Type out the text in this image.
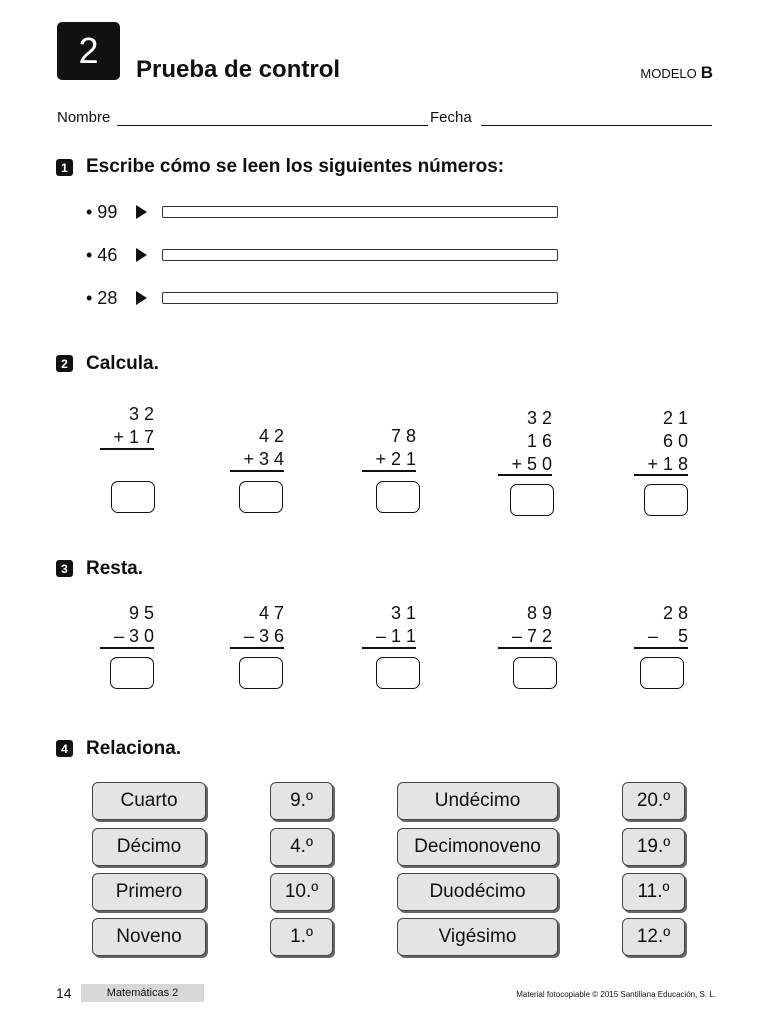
2	Prueba de control	MODELO B
Nombre	Fecha
1 Escribe cómo se leen los siguientes números:
• 99
• 46
• 28
2 Calcula.
3 2
+ 1 7	4 2
+ 3 4
7 8
+ 2 1
3 2
1 6
+ 5 0
2 1
6 0
+ 1 8
3 Resta.
9 5
– 3 0
4 7
– 3 6
3 1
– 1 1
8 9
– 7 2
2 8
–    5
4 Relaciona.
Cuarto
Décimo
Primero
Noveno
9.º
4.º
10.º
1.º
Undécimo
Decimonoveno
Duodécimo
Vigésimo
20.º
19.º
11.º
12.º
14	Matemáticas 2	Material fotocopiable © 2015 Santillana Educación, S. L.
